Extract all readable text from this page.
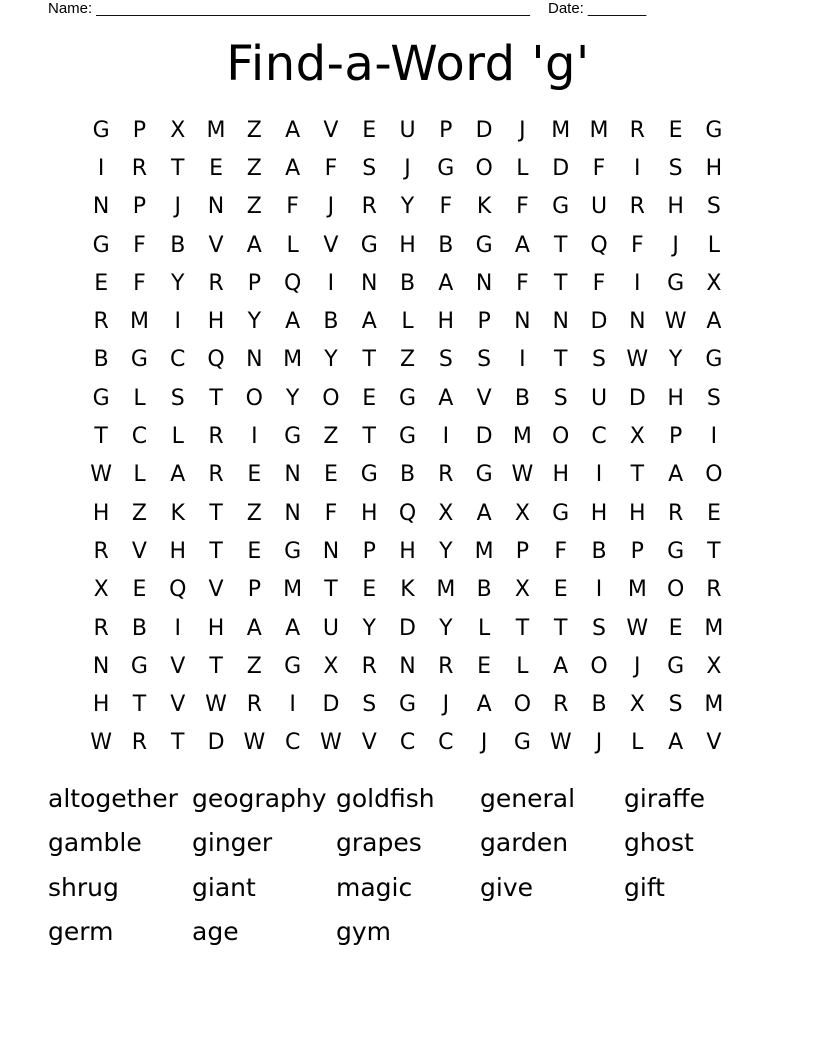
Name: ____________________________________________________ Date: _______
Find-a-Word 'g'
G	P	X M Z	A	V	E	U	P	D	J	M M R	E	G
I	R	T	E	Z	A	F	S	J	G O	L	D	F	I	S	H
N	P	J	N	Z	F	J	R	Y	F	K	F	G U	R	H	S
G	F	B	V	A	L	V	G H	B	G	A	T	Q	F	J	L
E	F	Y	R	P	Q	I	N	B	A	N	F	T	F	I	G	X
R M	I	H	Y	A	B	A	L	H	P	N N D N W A
B	G	C Q N M	Y	T	Z	S	S	I	T	S W Y	G
G	L	S	T	O	Y	O	E	G	A	V	B	S	U D H	S
T	C	L	R	I	G	Z	T	G	I	D M O C	X	P	I
W L	A	R	E	N	E	G	B	R	G W H	I	T	A	O
H	Z	K	T	Z	N	F	H Q	X	A	X	G H H	R	E
R	V	H	T	E	G N	P	H	Y	M	P	F	B	P	G	T
X	E	Q	V	P	M	T	E	K M B	X	E	I	M O R
R	B	I	H	A	A	U	Y	D	Y	L	T	T	S W E M
N G	V	T	Z	G	X	R	N	R	E	L	A	O	J	G	X
H	T	V W R	I	D	S	G	J	A	O R	B	X	S M
W R	T	D W C W V	C	C	J	G W	J	L	A	V
altogether geography goldfish	general	giraffe
gamble	ginger	grapes	garden	ghost
shrug	giant	magic	give	gift
germ	age	gym
